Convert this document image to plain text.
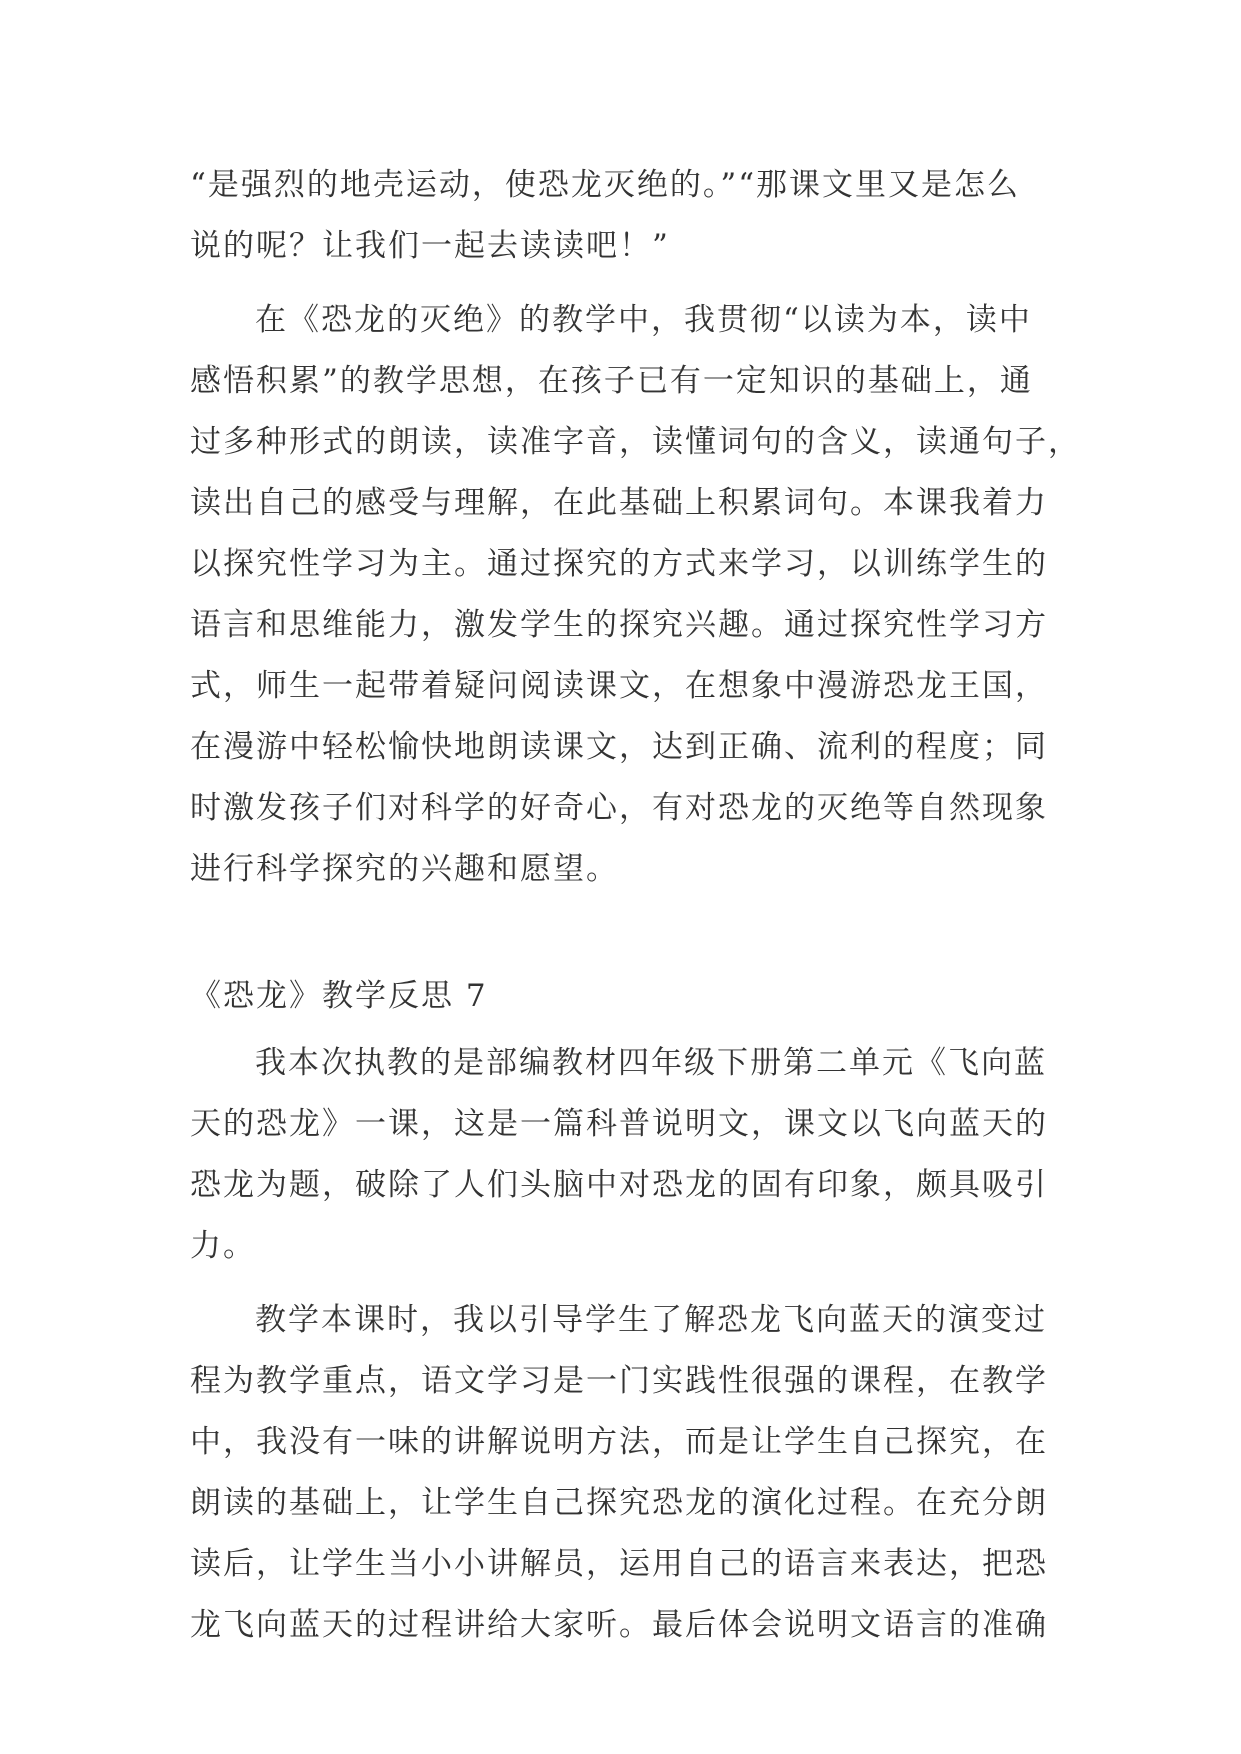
“是强烈的地壳运动，使恐龙灭绝的。”“那课文里又是怎么
说的呢？让我们一起去读读吧！”
在《恐龙的灭绝》的教学中，我贯彻“以读为本，读中
感悟积累”的教学思想，在孩子已有一定知识的基础上，通
过多种形式的朗读，读准字音，读懂词句的含义，读通句子，
读出自己的感受与理解，在此基础上积累词句。本课我着力
以探究性学习为主。通过探究的方式来学习，以训练学生的
语言和思维能力，激发学生的探究兴趣。通过探究性学习方
式，师生一起带着疑问阅读课文，在想象中漫游恐龙王国，
在漫游中轻松愉快地朗读课文，达到正确、流利的程度；同
时激发孩子们对科学的好奇心，有对恐龙的灭绝等自然现象
进行科学探究的兴趣和愿望。
《恐龙》教学反思 7
我本次执教的是部编教材四年级下册第二单元《飞向蓝
天的恐龙》一课，这是一篇科普说明文，课文以飞向蓝天的
恐龙为题，破除了人们头脑中对恐龙的固有印象，颇具吸引
力。
教学本课时，我以引导学生了解恐龙飞向蓝天的演变过
程为教学重点，语文学习是一门实践性很强的课程，在教学
中，我没有一味的讲解说明方法，而是让学生自己探究，在
朗读的基础上，让学生自己探究恐龙的演化过程。在充分朗
读后，让学生当小小讲解员，运用自己的语言来表达，把恐
龙飞向蓝天的过程讲给大家听。最后体会说明文语言的准确
